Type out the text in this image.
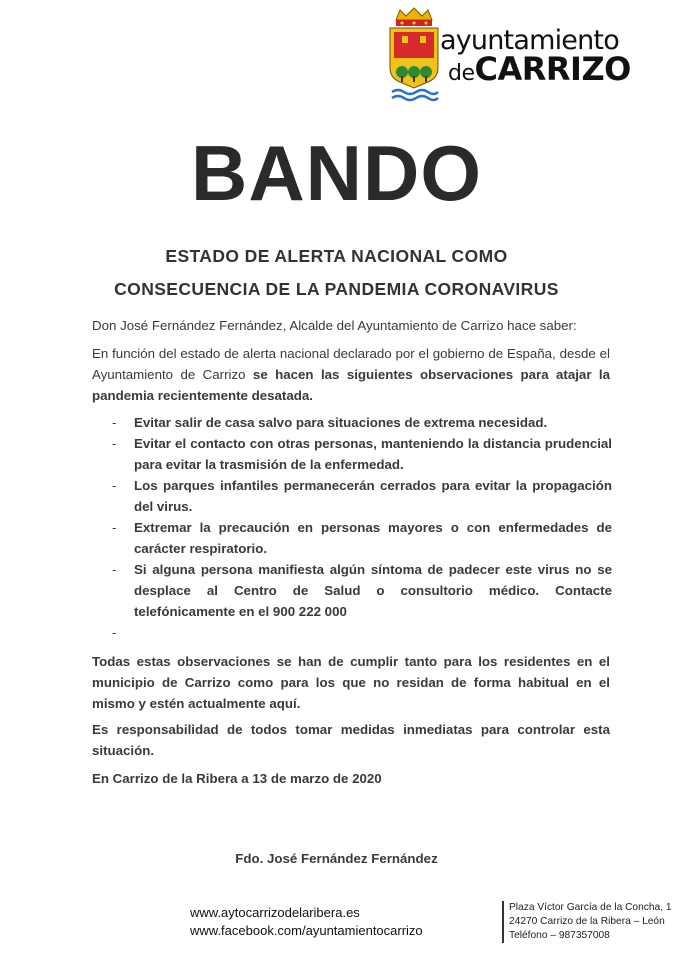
ayuntamiento
deCARRIZO
BANDO
ESTADO DE ALERTA NACIONAL COMO
CONSECUENCIA DE LA PANDEMIA CORONAVIRUS
Don José Fernández Fernández, Alcalde del Ayuntamiento de Carrizo hace saber:
En función del estado de alerta nacional declarado por el gobierno de España, desde el Ayuntamiento de Carrizo se hacen las siguientes observaciones para atajar la pandemia recientemente desatada.
- Evitar salir de casa salvo para situaciones de extrema necesidad.
- Evitar el contacto con otras personas, manteniendo la distancia prudencial para evitar la trasmisión de la enfermedad.
- Los parques infantiles permanecerán cerrados para evitar la propagación del virus.
- Extremar la precaución en personas mayores o con enfermedades de carácter respiratorio.
- Si alguna persona manifiesta algún síntoma de padecer este virus no se desplace al Centro de Salud o consultorio médico. Contacte telefónicamente en el 900 222 000
-
Todas estas observaciones se han de cumplir tanto para los residentes en el municipio de Carrizo como para los que no residan de forma habitual en el mismo y estén actualmente aquí.
Es responsabilidad de todos tomar medidas inmediatas para controlar esta situación.
En Carrizo de la Ribera a 13 de marzo de 2020
Fdo. José Fernández Fernández
www.aytocarrizodelaribera.es
www.facebook.com/ayuntamientocarrizo
Plaza Víctor García de la Concha, 1
24270 Carrizo de la Ribera – León
Teléfono – 987357008
